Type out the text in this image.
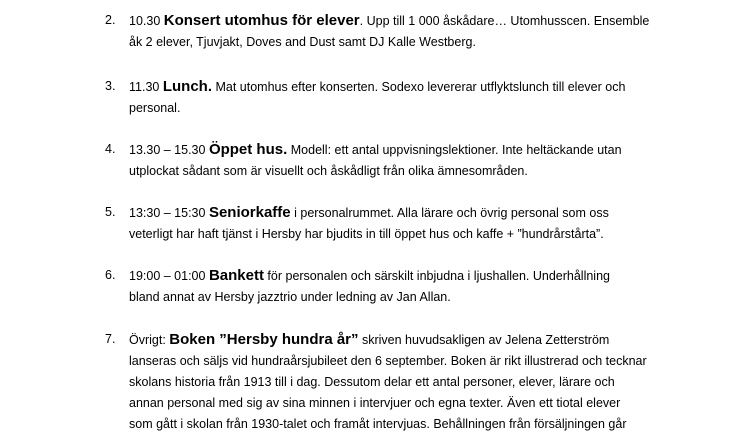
2. 10.30 Konsert utomhus för elever. Upp till 1 000 åskådare… Utomhusscen. Ensemble
åk 2 elever, Tjuvjakt, Doves and Dust samt DJ Kalle Westberg.
3. 11.30 Lunch. Mat utomhus efter konserten. Sodexo levererar utflyktslunch till elever och
personal.
4. 13.30 – 15.30 Öppet hus. Modell: ett antal uppvisningslektioner. Inte heltäckande utan
utplockat sådant som är visuellt och åskådligt från olika ämnesområden.
5. 13:30 – 15:30 Seniorkaffe i personalrummet. Alla lärare och övrig personal som oss
veterligt har haft tjänst i Hersby har bjudits in till öppet hus och kaffe + ”hundrårstårta”.
6. 19:00 – 01:00 Bankett för personalen och särskilt inbjudna i ljushallen. Underhållning
bland annat av Hersby jazztrio under ledning av Jan Allan.
7. Övrigt: Boken ”Hersby hundra år” skriven huvudsakligen av Jelena Zetterström
lanseras och säljs vid hundraårsjubileet den 6 september. Boken är rikt illustrerad och tecknar
skolans historia från 1913 till i dag. Dessutom delar ett antal personer, elever, lärare och
annan personal med sig av sina minnen i intervjuer och egna texter. Även ett tiotal elever
som gått i skolan från 1930-talet och framåt intervjuas. Behållningen från försäljningen går
